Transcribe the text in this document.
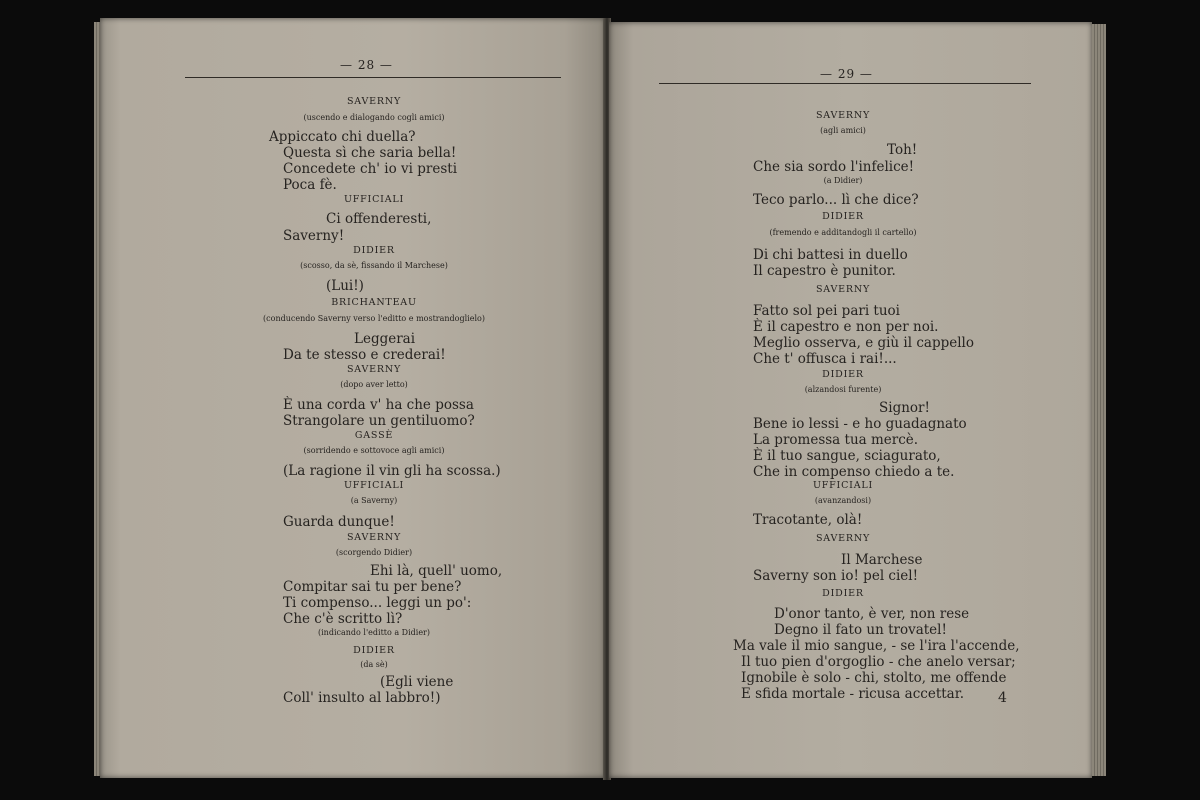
— 28 —
SAVERNY
(uscendo e dialogando cogli amici)
Appiccato chi duella?
Questa sì che saria bella!
Concedete ch' io vi presti
Poca fè.
UFFICIALI
Ci offenderesti,
Saverny!
DIDIER
(scosso, da sè, fissando il Marchese)
(Lui!)
BRICHANTEAU
(conducendo Saverny verso l'editto e mostrandoglielo)
Leggerai
Da te stesso e crederai!
SAVERNY
(dopo aver letto)
È una corda v' ha che possa
Strangolare un gentiluomo?
GASSÈ
(sorridendo e sottovoce agli amici)
(La ragione il vin gli ha scossa.)
UFFICIALI
(a Saverny)
Guarda dunque!
SAVERNY
(scorgendo Didier)
Ehi là, quell' uomo,
Compitar sai tu per bene?
Ti compenso... leggi un po':
Che c'è scritto lì?
(indicando l'editto a Didier)
DIDIER
(da sè)
(Egli viene
Coll' insulto al labbro!)
— 29 —
SAVERNY
(agli amici)
Toh!
Che sia sordo l'infelice!
(a Didier)
Teco parlo... lì che dice?
DIDIER
(fremendo e additandogli il cartello)
Di chi battesi in duello
Il capestro è punitor.
SAVERNY
Fatto sol pei pari tuoi
È il capestro e non per noi.
Meglio osserva, e giù il cappello
Che t' offusca i rai!...
DIDIER
(alzandosi furente)
Signor!
Bene io lessi - e ho guadagnato
La promessa tua mercè.
È il tuo sangue, sciagurato,
Che in compenso chiedo a te.
UFFICIALI
(avanzandosi)
Tracotante, olà!
SAVERNY
Il Marchese
Saverny son io! pel ciel!
DIDIER
D'onor tanto, è ver, non rese
Degno il fato un trovatel!
Ma vale il mio sangue, - se l'ira l'accende,
Il tuo pien d'orgoglio - che anelo versar;
Ignobile è solo - chi, stolto, me offende
E sfida mortale - ricusa accettar. 4
